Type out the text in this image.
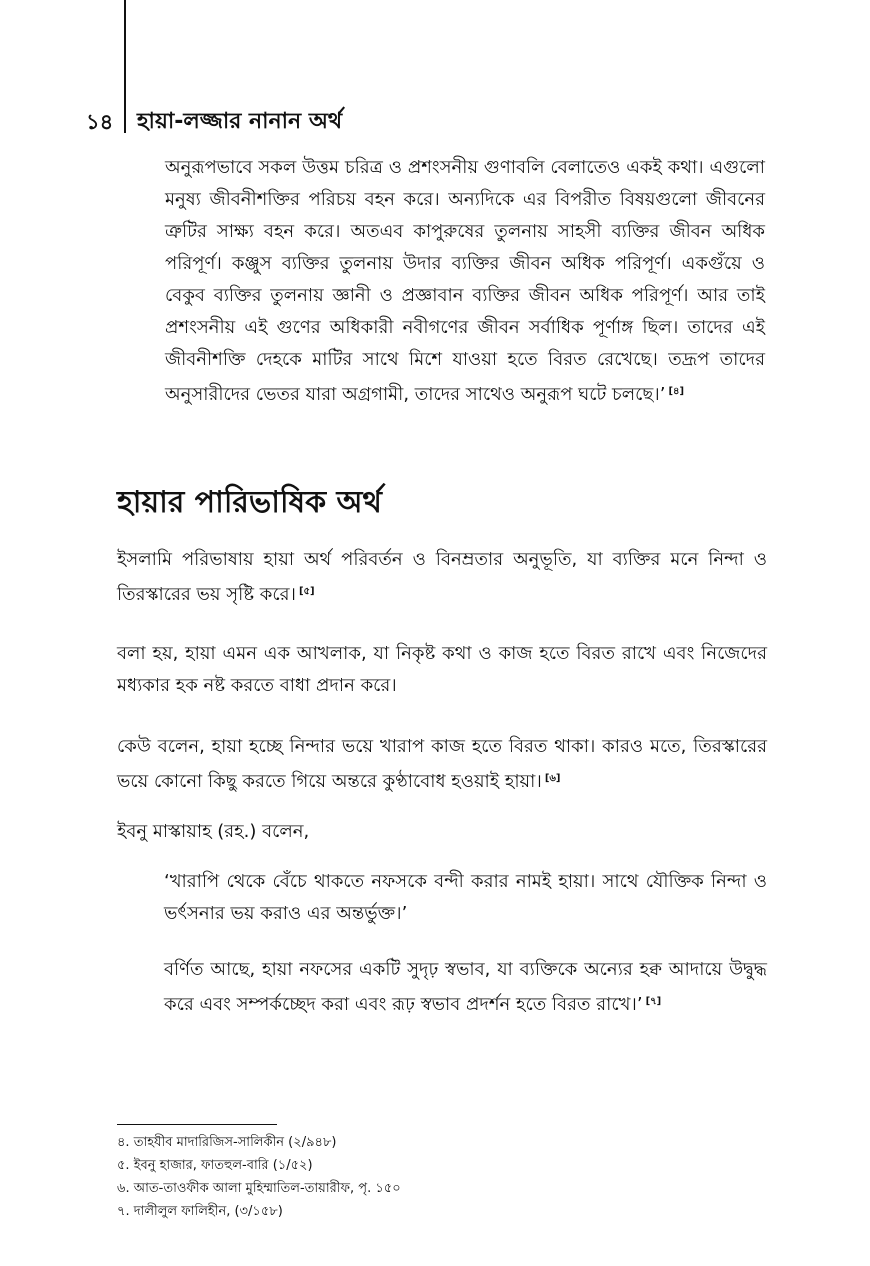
১৪ হায়া-লজ্জার নানান অর্থ

অনুরূপভাবে সকল উত্তম চরিত্র ও প্রশংসনীয় গুণাবলি বেলাতেও একই কথা। এগুলো মনুষ্য জীবনীশক্তির পরিচয় বহন করে। অন্যদিকে এর বিপরীত বিষয়গুলো জীবনের ত্রুটির সাক্ষ্য বহন করে। অতএব কাপুরুষের তুলনায় সাহসী ব্যক্তির জীবন অধিক পরিপূর্ণ। কঞ্জুস ব্যক্তির তুলনায় উদার ব্যক্তির জীবন অধিক পরিপূর্ণ। একগুঁয়ে ও বেকুব ব্যক্তির তুলনায় জ্ঞানী ও প্রজ্ঞাবান ব্যক্তির জীবন অধিক পরিপূর্ণ। আর তাই প্রশংসনীয় এই গুণের অধিকারী নবীগণের জীবন সর্বাধিক পূর্ণাঙ্গ ছিল। তাদের এই জীবনীশক্তি দেহকে মাটির সাথে মিশে যাওয়া হতে বিরত রেখেছে। তদ্রূপ তাদের অনুসারীদের ভেতর যারা অগ্রগামী, তাদের সাথেও অনুরূপ ঘটে চলছে।’ [৪]

হায়ার পারিভাষিক অর্থ

ইসলামি পরিভাষায় হায়া অর্থ পরিবর্তন ও বিনম্রতার অনুভূতি, যা ব্যক্তির মনে নিন্দা ও তিরস্কারের ভয় সৃষ্টি করে। [৫]

বলা হয়, হায়া এমন এক আখলাক, যা নিকৃষ্ট কথা ও কাজ হতে বিরত রাখে এবং নিজেদের মধ্যকার হক নষ্ট করতে বাধা প্রদান করে।

কেউ বলেন, হায়া হচ্ছে নিন্দার ভয়ে খারাপ কাজ হতে বিরত থাকা। কারও মতে, তিরস্কারের ভয়ে কোনো কিছু করতে গিয়ে অন্তরে কুণ্ঠাবোধ হওয়াই হায়া। [৬]

ইবনু মাস্কায়াহ (রহ.) বলেন,

‘খারাপি থেকে বেঁচে থাকতে নফসকে বন্দী করার নামই হায়া। সাথে যৌক্তিক নিন্দা ও ভর্ৎসনার ভয় করাও এর অন্তর্ভুক্ত।’

বর্ণিত আছে, হায়া নফসের একটি সুদৃঢ় স্বভাব, যা ব্যক্তিকে অন্যের হক্ব আদায়ে উদ্বুদ্ধ করে এবং সম্পর্কচ্ছেদ করা এবং রূঢ় স্বভাব প্রদর্শন হতে বিরত রাখে।’ [৭]

৪. তাহযীব মাদারিজিস-সালিকীন (২/৯৪৮)
৫. ইবনু হাজার, ফাতহুল-বারি (১/৫২)
৬. আত-তাওফীক আলা মুহিম্মাতিল-তায়ারীফ, পৃ. ১৫০
৭. দালীলুল ফালিহীন, (৩/১৫৮)
